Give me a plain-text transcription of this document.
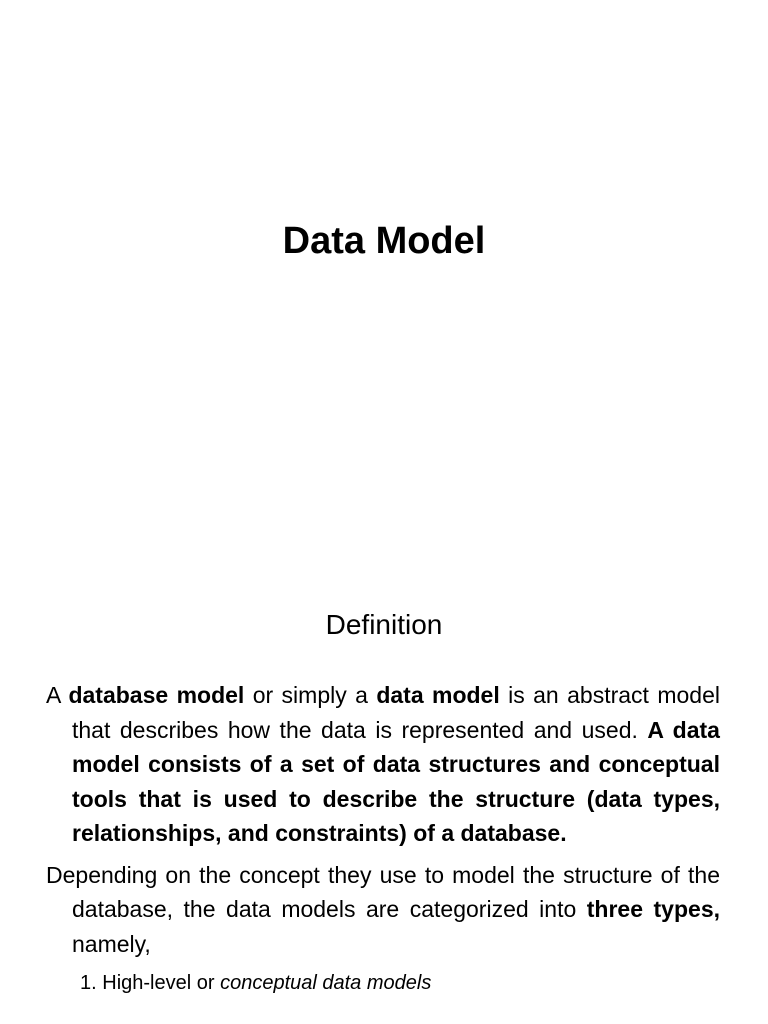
Data Model
Definition

A database model or simply a data model is an abstract model that describes how the data is represented and used. A data model consists of a set of data structures and conceptual tools that is used to describe the structure (data types, relationships, and constraints) of a database.

Depending on the concept they use to model the structure of the database, the data models are categorized into three types, namely,

1. High-level or conceptual data models
